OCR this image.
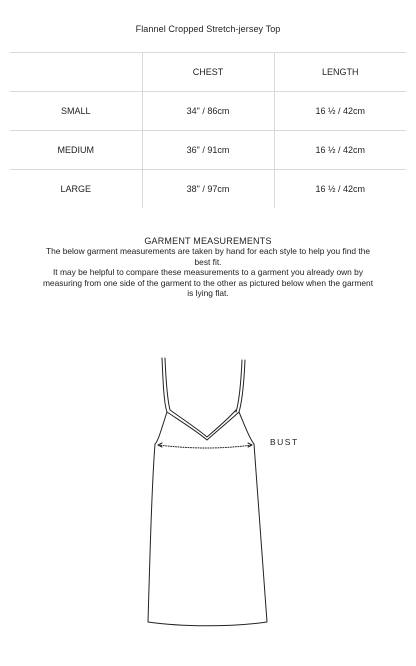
Flannel Cropped Stretch-jersey Top
	CHEST	LENGTH
SMALL	34" / 86cm	16 ½ / 42cm
MEDIUM	36" / 91cm	16 ½ / 42cm
LARGE	38" / 97cm	16 ½ / 42cm
GARMENT MEASUREMENTS
The below garment measurements are taken by hand for each style to help you find the best fit.
It may be helpful to compare these measurements to a garment you already own by measuring from one side of the garment to the other as pictured below when the garment is lying flat.
BUST
